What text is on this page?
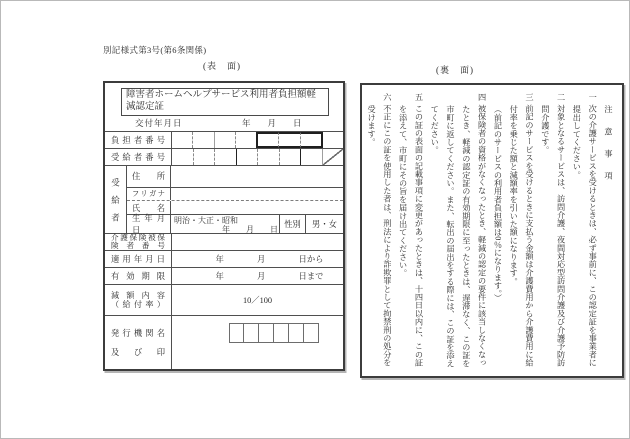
別記様式第3号(第6条関係)
(表　面)	(裏　面)
障害者ホームヘルプサービス利用者負担額軽減認定証
交付年月日	年　　月　　日
負担者番号
受給者番号
受給者
住　所
フリガナ
氏　名
生年月日
明治・大正・昭和
年　　月　　日
性別	男・女
介護保険被保
険者番号
適用年月日	年　　　　月　　　　日から
有効期限	年　　　　月　　　　日まで
減額内容
（給付率）	10／100
発行機関名
及　び　印

注　意　事　項

一次の介護サービスを受けるときは、必ず事前に、この認定証を事業者に提出してください。

二対象となるサービスは、訪問介護、夜間対応型訪問介護及び介護予防訪問介護です。

三前記のサービスを受けるときに支払う金額は介護費用から介護費用に給付率を乗じた額と減額率を引いた額になります。

（前記のサービスの利用者負担額は0％になります。）

四被保険者の資格がなくなったとき、軽減の認定の要件に該当しなくなったとき、軽減の認定証の有効期限に至ったときは、遅滞なく、この証を市町に返してください。また、転出の届出をする際には、この証を添えてください。

五この証の表面の記載事項に変更があったときは、十四日以内に、この証を添えて、市町にその旨を届け出てください。

六不正にこの証を使用した者は、刑法により詐欺罪として拘禁刑の処分を受けます。
